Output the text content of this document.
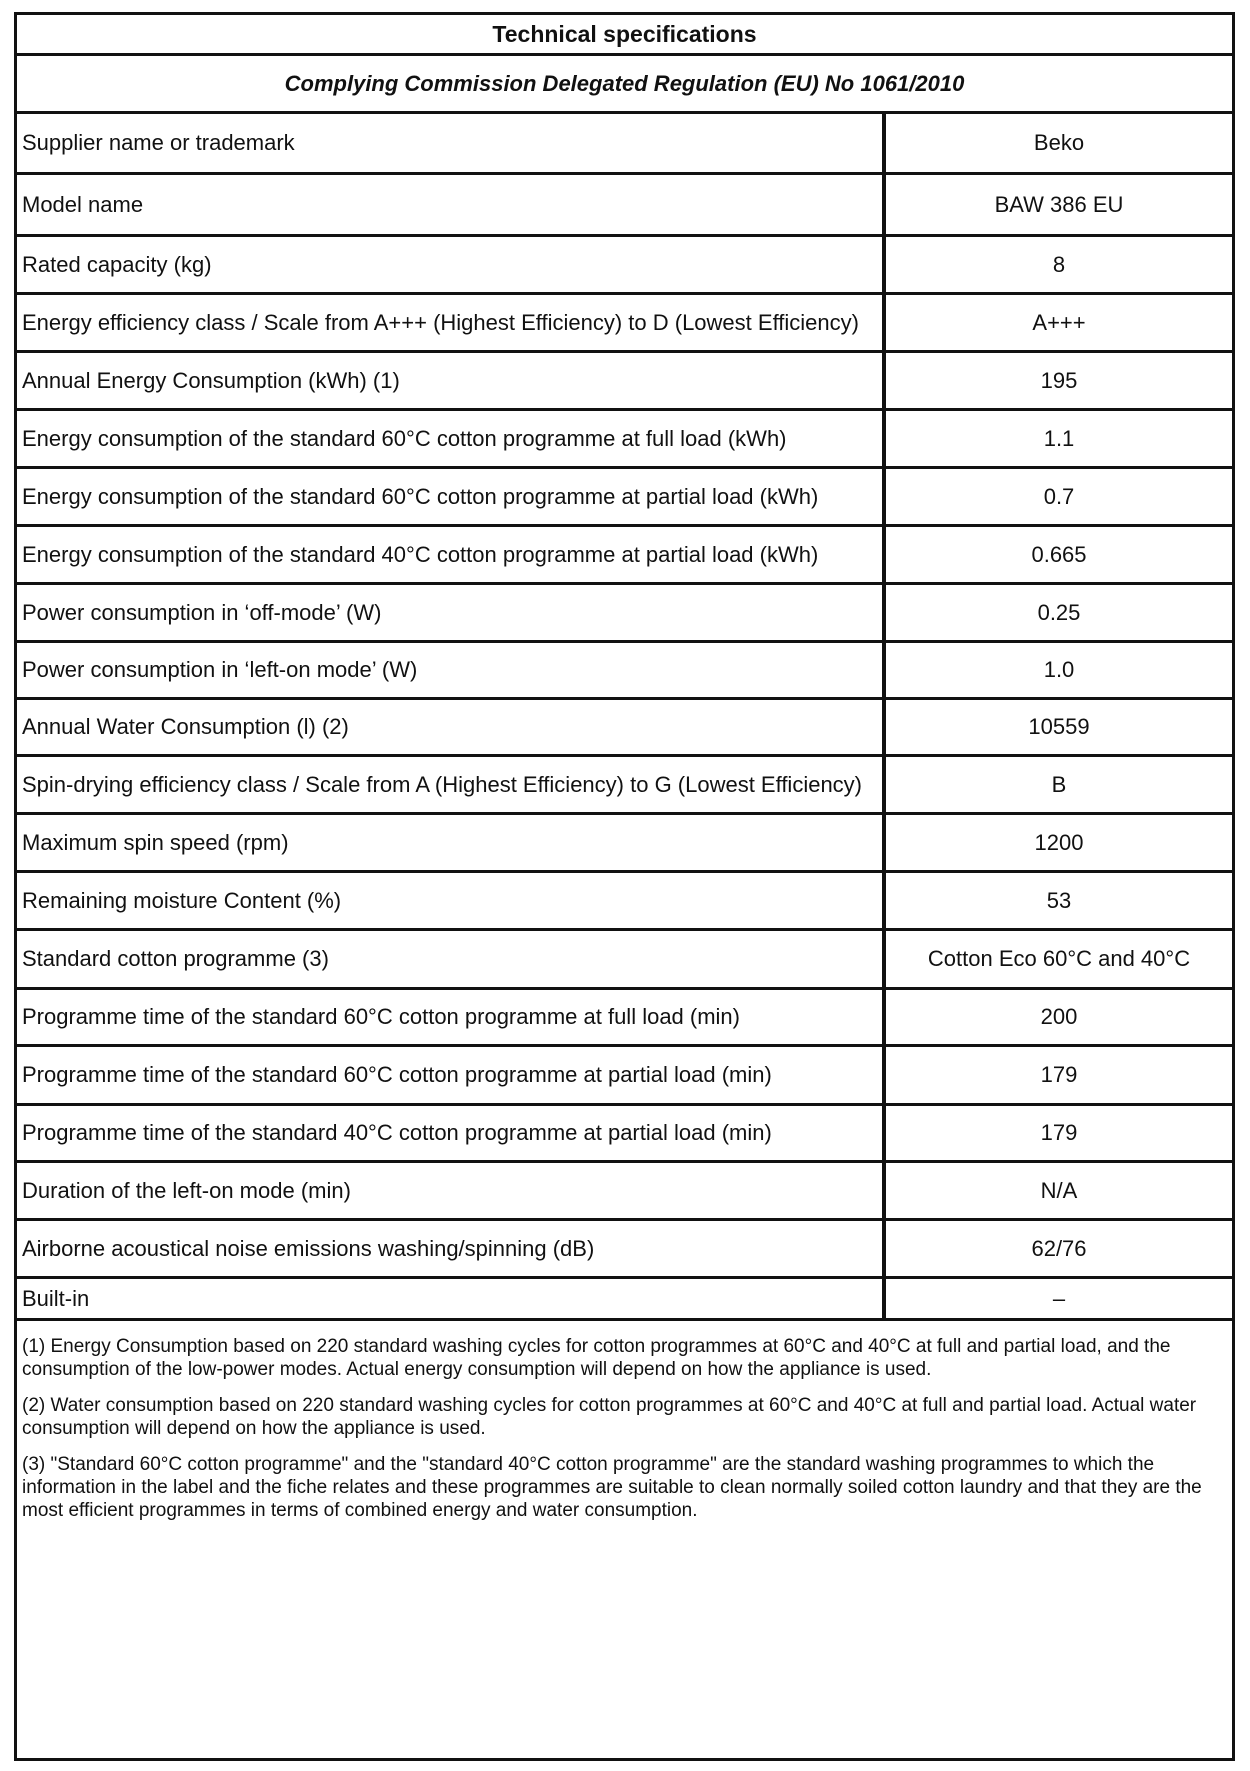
Technical specifications
Complying Commission Delegated Regulation (EU) No 1061/2010
Supplier name or trademark	Beko
Model name	BAW 386 EU
Rated capacity (kg)	8
Energy efficiency class / Scale from A+++ (Highest Efficiency) to D (Lowest Efficiency)	A+++
Annual Energy Consumption (kWh) (1)	195
Energy consumption of the standard 60°C cotton programme at full load (kWh)	1.1
Energy consumption of the standard 60°C cotton programme at partial load (kWh)	0.7
Energy consumption of the standard 40°C cotton programme at partial load (kWh)	0.665
Power consumption in ‘off-mode’ (W)	0.25
Power consumption in ‘left-on mode’ (W)	1.0
Annual Water Consumption (l) (2)	10559
Spin-drying efficiency class / Scale from A (Highest Efficiency) to G (Lowest Efficiency)	B
Maximum spin speed (rpm)	1200
Remaining moisture Content (%)	53
Standard cotton programme (3)	Cotton Eco 60°C and 40°C
Programme time of the standard 60°C cotton programme at full load (min)	200
Programme time of the standard 60°C cotton programme at partial load (min)	179
Programme time of the standard 40°C cotton programme at partial load (min)	179
Duration of the left-on mode (min)	N/A
Airborne acoustical noise emissions washing/spinning (dB)	62/76
Built-in	–

(1) Energy Consumption based on 220 standard washing cycles for cotton programmes at 60°C and 40°C at full and partial load, and the consumption of the low-power modes. Actual energy consumption will depend on how the appliance is used.

(2) Water consumption based on 220 standard washing cycles for cotton programmes at 60°C and 40°C at full and partial load. Actual water consumption will depend on how the appliance is used.

(3) "Standard 60°C cotton programme" and the "standard 40°C cotton programme" are the standard washing programmes to which the information in the label and the fiche relates and these programmes are suitable to clean normally soiled cotton laundry and that they are the most efficient programmes in terms of combined energy and water consumption.
